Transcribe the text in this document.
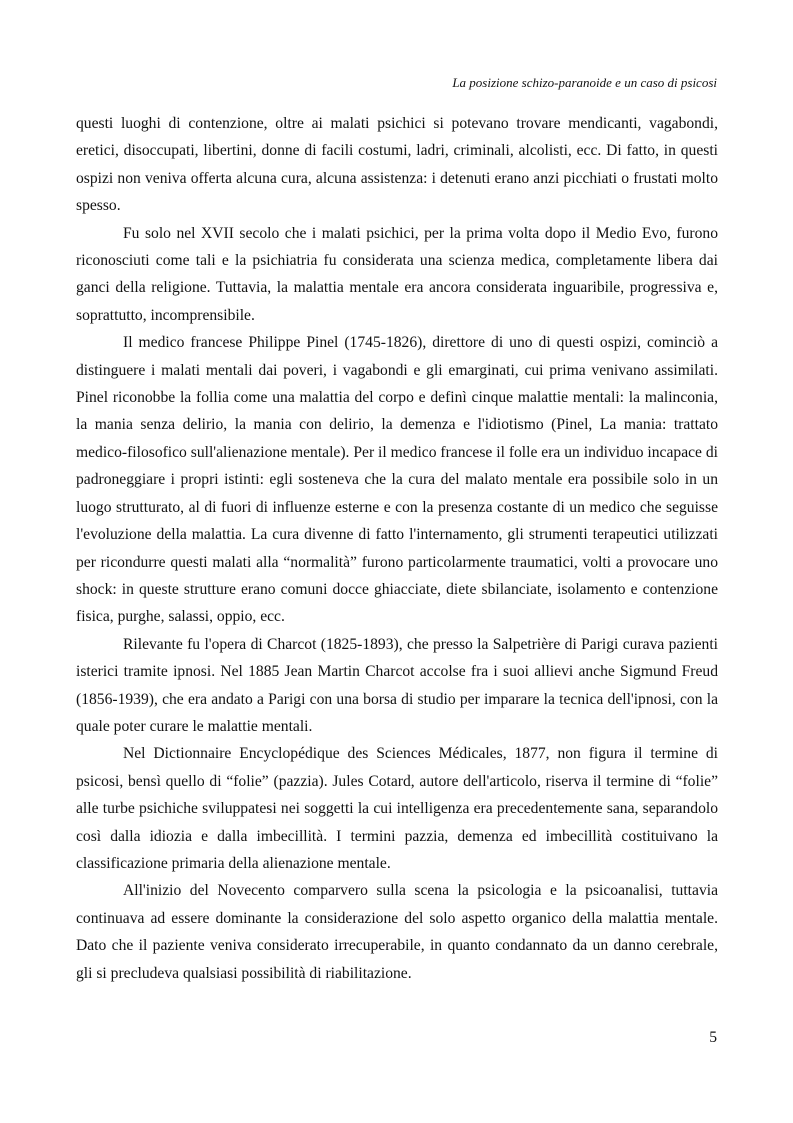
La posizione schizo-paranoide e un caso di psicosi

questi luoghi di contenzione, oltre ai malati psichici si potevano trovare mendicanti, vagabondi, eretici, disoccupati, libertini, donne di facili costumi, ladri, criminali, alcolisti, ecc. Di fatto, in questi ospizi non veniva offerta alcuna cura, alcuna assistenza: i detenuti erano anzi picchiati o frustati molto spesso.

Fu solo nel XVII secolo che i malati psichici, per la prima volta dopo il Medio Evo, furono riconosciuti come tali e la psichiatria fu considerata una scienza medica, completamente libera dai ganci della religione. Tuttavia, la malattia mentale era ancora considerata inguaribile, progressiva e, soprattutto, incomprensibile.

Il medico francese Philippe Pinel (1745-1826), direttore di uno di questi ospizi, cominciò a distinguere i malati mentali dai poveri, i vagabondi e gli emarginati, cui prima venivano assimilati. Pinel riconobbe la follia come una malattia del corpo e definì cinque malattie mentali: la malinconia, la mania senza delirio, la mania con delirio, la demenza e l'idiotismo (Pinel, La mania: trattato medico-filosofico sull'alienazione mentale). Per il medico francese il folle era un individuo incapace di padroneggiare i propri istinti: egli sosteneva che la cura del malato mentale era possibile solo in un luogo strutturato, al di fuori di influenze esterne e con la presenza costante di un medico che seguisse l'evoluzione della malattia. La cura divenne di fatto l'internamento, gli strumenti terapeutici utilizzati per ricondurre questi malati alla “normalità” furono particolarmente traumatici, volti a provocare uno shock: in queste strutture erano comuni docce ghiacciate, diete sbilanciate, isolamento e contenzione fisica, purghe, salassi, oppio, ecc.

Rilevante fu l'opera di Charcot (1825-1893), che presso la Salpetrière di Parigi curava pazienti isterici tramite ipnosi. Nel 1885 Jean Martin Charcot accolse fra i suoi allievi anche Sigmund Freud (1856-1939), che era andato a Parigi con una borsa di studio per imparare la tecnica dell'ipnosi, con la quale poter curare le malattie mentali.

Nel Dictionnaire Encyclopédique des Sciences Médicales, 1877, non figura il termine di psicosi, bensì quello di “folie” (pazzia). Jules Cotard, autore dell'articolo, riserva il termine di “folie” alle turbe psichiche sviluppatesi nei soggetti la cui intelligenza era precedentemente sana, separandolo così dalla idiozia e dalla imbecillità. I termini pazzia, demenza ed imbecillità costituivano la classificazione primaria della alienazione mentale.

All'inizio del Novecento comparvero sulla scena la psicologia e la psicoanalisi, tuttavia continuava ad essere dominante la considerazione del solo aspetto organico della malattia mentale. Dato che il paziente veniva considerato irrecuperabile, in quanto condannato da un danno cerebrale, gli si precludeva qualsiasi possibilità di riabilitazione.

5
